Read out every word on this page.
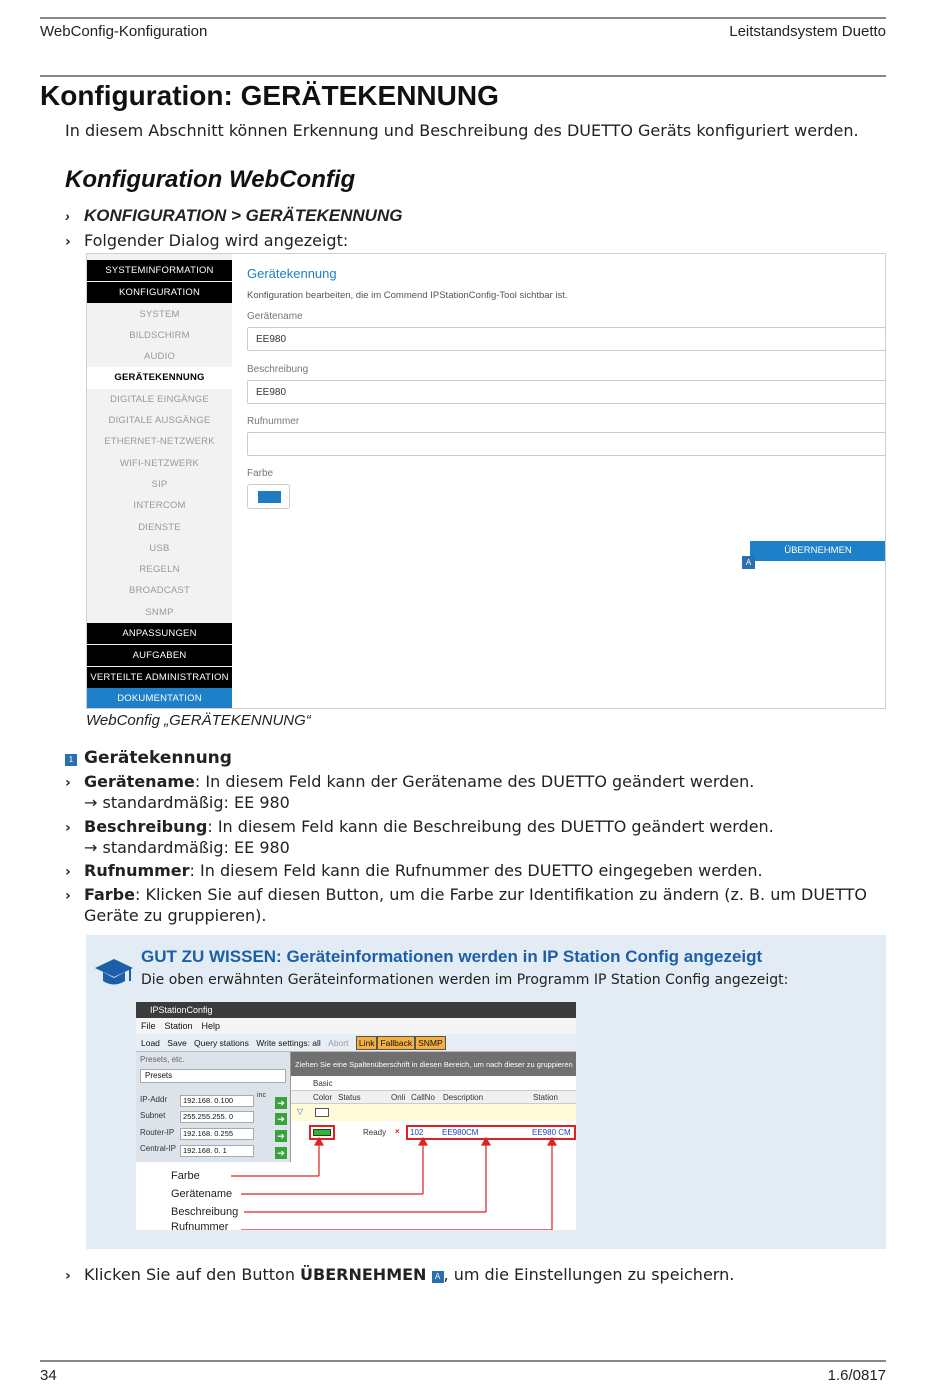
WebConfig-Konfiguration	Leitstandsystem Duetto
Konfiguration: GERÄTEKENNUNG
In diesem Abschnitt können Erkennung und Beschreibung des DUETTO Geräts konfiguriert werden.
Konfiguration WebConfig
› KONFIGURATION > GERÄTEKENNUNG
› Folgender Dialog wird angezeigt:
SYSTEMINFORMATION
KONFIGURATION
SYSTEM
BILDSCHIRM
AUDIO
GERÄTEKENNUNG
DIGITALE EINGÄNGE
DIGITALE AUSGÄNGE
ETHERNET-NETZWERK
WIFI-NETZWERK
SIP
INTERCOM
DIENSTE
USB
REGELN
BROADCAST
SNMP
ANPASSUNGEN
AUFGABEN
VERTEILTE ADMINISTRATION
DOKUMENTATION
Gerätekennung
Konfiguration bearbeiten, die im Commend IPStationConfig-Tool sichtbar ist.
Gerätename
EE980
Beschreibung
EE980
Rufnummer
Farbe
ÜBERNEHMEN
A
WebConfig „GERÄTEKENNUNG“
1 Gerätekennung
› Gerätename: In diesem Feld kann der Gerätename des DUETTO geändert werden.
→ standardmäßig: EE 980
› Beschreibung: In diesem Feld kann die Beschreibung des DUETTO geändert werden.
→ standardmäßig: EE 980
› Rufnummer: In diesem Feld kann die Rufnummer des DUETTO eingegeben werden.
› Farbe: Klicken Sie auf diesen Button, um die Farbe zur Identifikation zu ändern (z. B. um DUETTO
Geräte zu gruppieren).
GUT ZU WISSEN: Geräteinformationen werden in IP Station Config angezeigt
Die oben erwähnten Geräteinformationen werden im Programm IP Station Config angezeigt:
IPStationConfig
File Station Help
Load Save Query stations Write settings: all Abort Link Fallback SNMP
Presets, etc.
Presets
IP-Addr	192.168. 0.100
Subnet	255.255.255. 0
Router-IP	192.168. 0.255
Central-IP 192.168. 0. 1
inc
➔
➔
➔
➔
Ziehen Sie eine Spaltenüberschrift in diesen Bereich, um nach dieser zu gruppieren
Basic
Color Status	Onli CallNo Description	Station
▽
Ready × 102 EE980CM	EE980 CM
Farbe
Gerätename
Beschreibung
Rufnummer
› Klicken Sie auf den Button ÜBERNEHMEN A , um die Einstellungen zu speichern.
34	1.6/0817
